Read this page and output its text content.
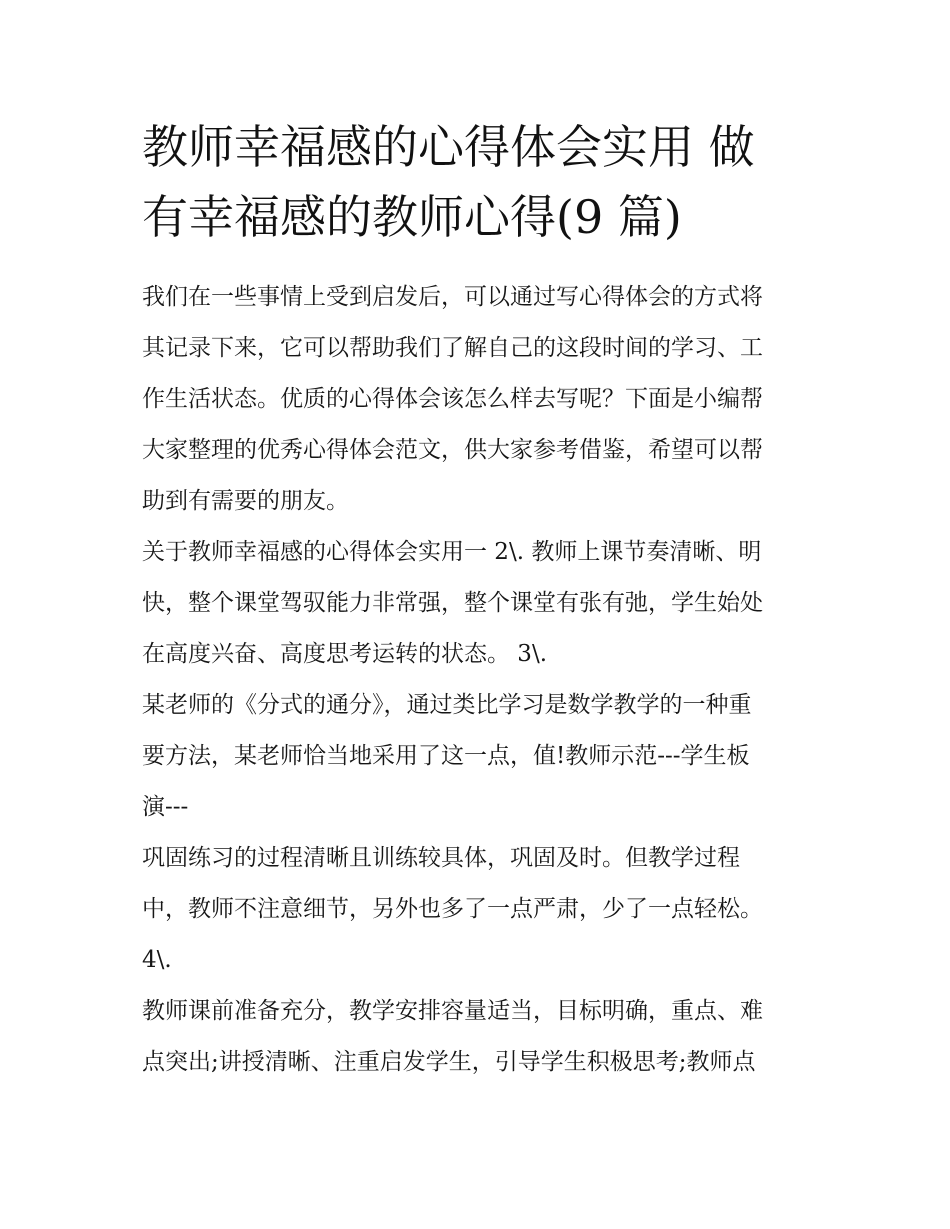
教师幸福感的心得体会实用 做
有幸福感的教师心得(9 篇)

我们在一些事情上受到启发后，可以通过写心得体会的方式将
其记录下来，它可以帮助我们了解自己的这段时间的学习、工
作生活状态。优质的心得体会该怎么样去写呢？下面是小编帮
大家整理的优秀心得体会范文，供大家参考借鉴，希望可以帮
助到有需要的朋友。

关于教师幸福感的心得体会实用一 2\. 教师上课节奏清晰、明
快，整个课堂驾驭能力非常强，整个课堂有张有弛，学生始处
在高度兴奋、高度思考运转的状态。 3\.

某老师的《分式的通分》，通过类比学习是数学教学的一种重
要方法，某老师恰当地采用了这一点，值!教师示范---学生板
演---

巩固练习的过程清晰且训练较具体，巩固及时。但教学过程
中，教师不注意细节，另外也多了一点严肃，少了一点轻松。
4\.

教师课前准备充分，教学安排容量适当，目标明确，重点、难
点突出;讲授清晰、注重启发学生，引导学生积极思考;教师点
